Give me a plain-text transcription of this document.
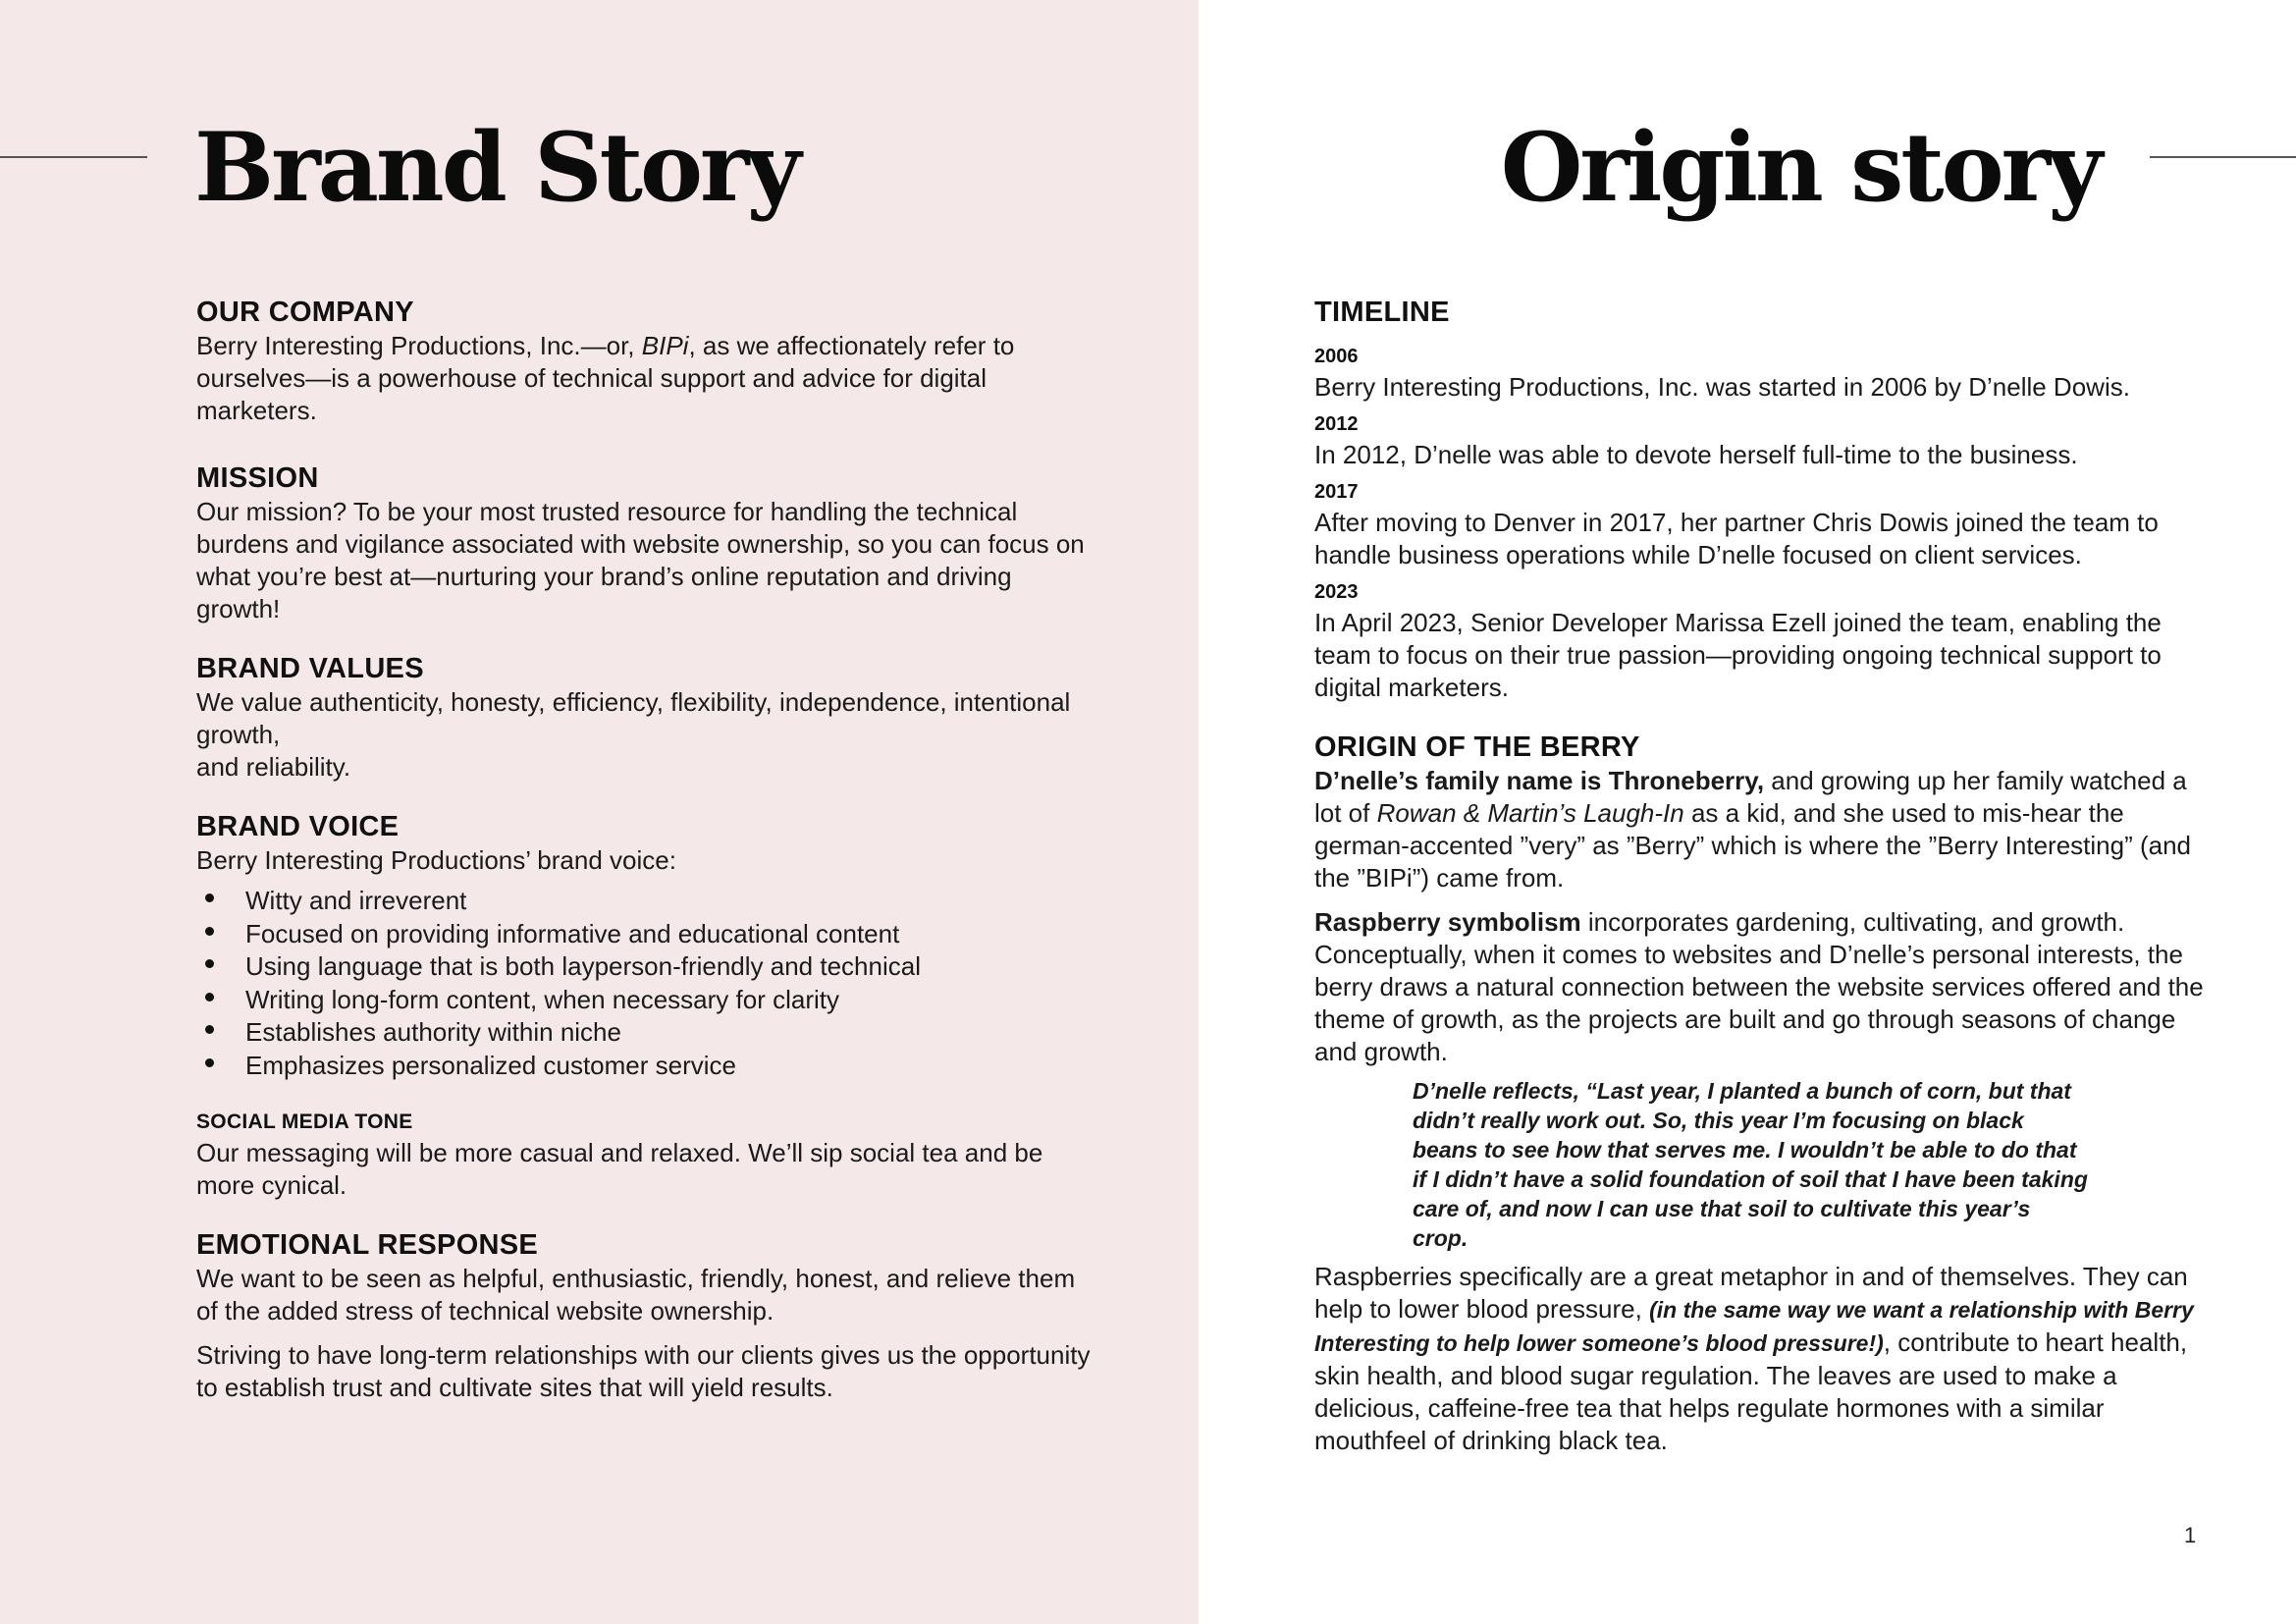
Brand Story	Origin story
OUR COMPANY

Berry Interesting Productions, Inc.—or, BIPi, as we affectionately refer to ourselves—is a powerhouse of technical support and advice for digital marketers.

MISSION

Our mission? To be your most trusted resource for handling the technical burdens and vigilance associated with website ownership, so you can focus on what you’re best at—nurturing your brand’s online reputation and driving growth!

BRAND VALUES

We value authenticity, honesty, efficiency, flexibility, independence, intentional growth,
and reliability.

BRAND VOICE

Berry Interesting Productions’ brand voice:

Witty and irreverent
Focused on providing informative and educational content
Using language that is both layperson-friendly and technical
Writing long-form content, when necessary for clarity
Establishes authority within niche
Emphasizes personalized customer service
SOCIAL MEDIA TONE

Our messaging will be more casual and relaxed. We’ll sip social tea and be more cynical.

EMOTIONAL RESPONSE

We want to be seen as helpful, enthusiastic, friendly, honest, and relieve them of the added stress of technical website ownership.

Striving to have long-term relationships with our clients gives us the opportunity to establish trust and cultivate sites that will yield results.

TIMELINE

2006

Berry Interesting Productions, Inc. was started in 2006 by D’nelle Dowis.

2012

In 2012, D’nelle was able to devote herself full-time to the business.

2017

After moving to Denver in 2017, her partner Chris Dowis joined the team to handle business operations while D’nelle focused on client services.

2023

In April 2023, Senior Developer Marissa Ezell joined the team, enabling the team to focus on their true passion—providing ongoing technical support to digital marketers.

ORIGIN OF THE BERRY

D’nelle’s family name is Throneberry, and growing up her family watched a lot of Rowan & Martin’s Laugh-In as a kid, and she used to mis-hear the german-accented ”very” as ”Berry” which is where the ”Berry Interesting” (and the ”BIPi”) came from.

Raspberry symbolism incorporates gardening, cultivating, and growth. Conceptually, when it comes to websites and D’nelle’s personal interests, the berry draws a natural connection between the website services offered and the theme of growth, as the projects are built and go through seasons of change and growth.

D’nelle reflects, “Last year, I planted a bunch of corn, but that didn’t really work out. So, this year I’m focusing on black beans to see how that serves me. I wouldn’t be able to do that if I didn’t have a solid foundation of soil that I have been taking care of, and now I can use that soil to cultivate this year’s crop.

Raspberries specifically are a great metaphor in and of themselves. They can help to lower blood pressure, (in the same way we want a relationship with Berry Interesting to help lower someone’s blood pressure!), contribute to heart health, skin health, and blood sugar regulation. The leaves are used to make a delicious, caffeine-free tea that helps regulate hormones with a similar mouthfeel of drinking black tea.

1
